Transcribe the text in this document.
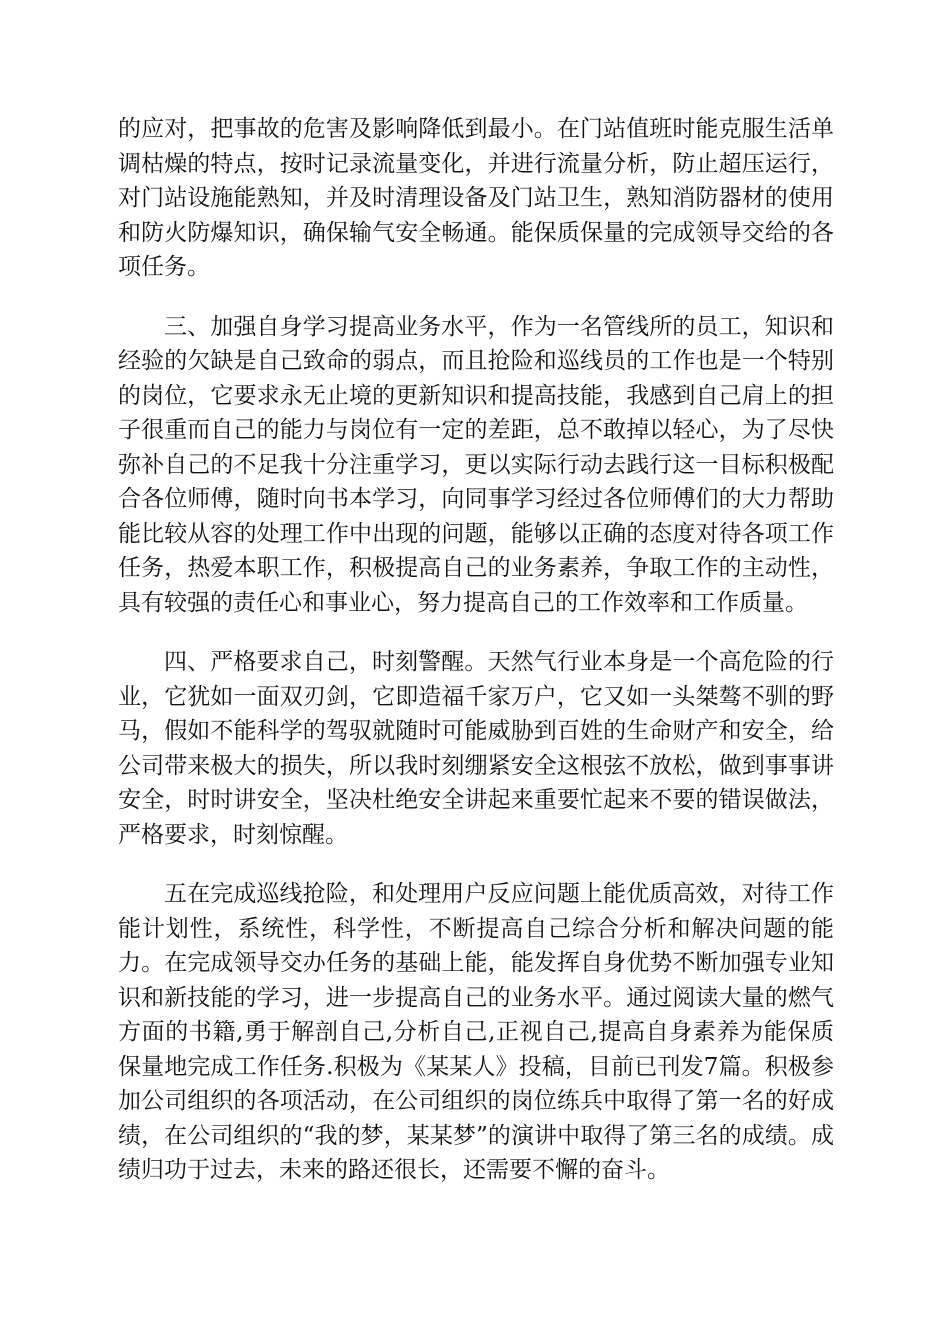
的应对，把事故的危害及影响降低到最小。在门站值班时能克服生活单调枯燥的特点，按时记录流量变化，并进行流量分析，防止超压运行，对门站设施能熟知，并及时清理设备及门站卫生，熟知消防器材的使用和防火防爆知识，确保输气安全畅通。能保质保量的完成领导交给的各项任务。

三、加强自身学习提高业务水平，作为一名管线所的员工，知识和经验的欠缺是自己致命的弱点，而且抢险和巡线员的工作也是一个特别的岗位，它要求永无止境的更新知识和提高技能，我感到自己肩上的担子很重而自己的能力与岗位有一定的差距，总不敢掉以轻心，为了尽快弥补自己的不足我十分注重学习，更以实际行动去践行这一目标积极配合各位师傅，随时向书本学习，向同事学习经过各位师傅们的大力帮助能比较从容的处理工作中出现的问题，能够以正确的态度对待各项工作任务，热爱本职工作，积极提高自己的业务素养，争取工作的主动性，具有较强的责任心和事业心，努力提高自己的工作效率和工作质量。

四、严格要求自己，时刻警醒。天然气行业本身是一个高危险的行业，它犹如一面双刃剑，它即造福千家万户，它又如一头桀骜不驯的野马，假如不能科学的驾驭就随时可能威胁到百姓的生命财产和安全，给公司带来极大的损失，所以我时刻绷紧安全这根弦不放松，做到事事讲安全，时时讲安全，坚决杜绝安全讲起来重要忙起来不要的错误做法，严格要求，时刻惊醒。

五在完成巡线抢险，和处理用户反应问题上能优质高效，对待工作能计划性，系统性，科学性，不断提高自己综合分析和解决问题的能力。在完成领导交办任务的基础上能，能发挥自身优势不断加强专业知识和新技能的学习，进一步提高自己的业务水平。通过阅读大量的燃气方面的书籍,勇于解剖自己,分析自己,正视自己,提高自身素养为能保质保量地完成工作任务.积极为《某某人》投稿，目前已刊发7篇。积极参加公司组织的各项活动，在公司组织的岗位练兵中取得了第一名的好成绩，在公司组织的“我的梦，某某梦”的演讲中取得了第三名的成绩。成绩归功于过去，未来的路还很长，还需要不懈的奋斗。
